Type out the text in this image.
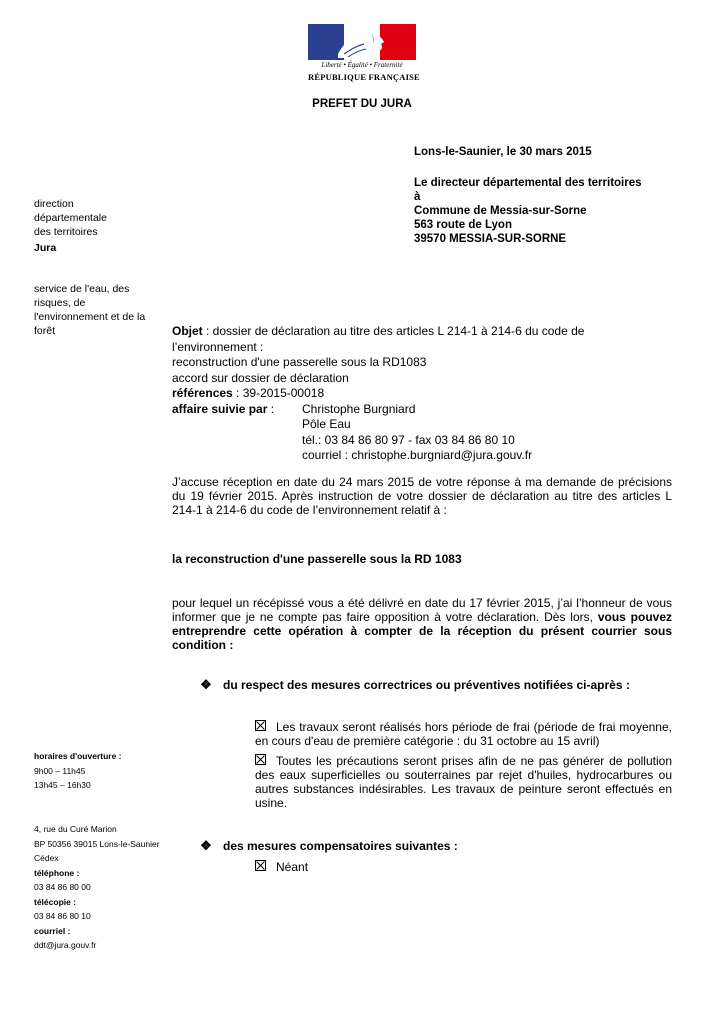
Liberté • Égalité • Fraternité
RÉPUBLIQUE FRANÇAISE
PREFET DU JURA
Lons-le-Saunier, le 30 mars 2015
Le directeur départemental des territoires
à
Commune de Messia-sur-Sorne
563 route de Lyon
39570 MESSIA-SUR-SORNE
direction
départementale
des territoires
Jura
service de l'eau, des
risques, de
l'environnement et de la
forêt
horaires d'ouverture :
9h00 – 11h45
13h45 – 16h30
4, rue du Curé Marion
BP 50356 39015 Lons-le-Saunier
Cédex
téléphone :
03 84 86 80 00
télécopie :
03 84 86 80 10
courriel :
ddt@jura.gouv.fr
Objet : dossier de déclaration au titre des articles L 214-1 à 214-6 du code de l’environnement :
reconstruction d'une passerelle sous la RD1083
accord sur dossier de déclaration
références : 39-2015-00018
affaire suivie par :	Christophe Burgniard
Pôle Eau
tél.: 03 84 86 80 97 - fax 03 84 86 80 10
courriel : christophe.burgniard@jura.gouv.fr
J’accuse réception en date du 24 mars 2015 de votre réponse à ma demande de précisions du 19 février 2015. Après instruction de votre dossier de déclaration au titre des articles L 214-1 à 214-6 du code de l’environnement relatif à :
la reconstruction d'une passerelle sous la RD 1083
pour lequel un récépissé vous a été délivré en date du 17 février 2015, j’ai l’honneur de vous informer que je ne compte pas faire opposition à votre déclaration. Dès lors, vous pouvez entreprendre cette opération à compter de la réception du présent courrier sous condition :
❖ du respect des mesures correctrices ou préventives notifiées ci-après :
Les travaux seront réalisés hors période de frai (période de frai moyenne, en cours d'eau de première catégorie : du 31 octobre au 15 avril)
Toutes les précautions seront prises afin de ne pas générer de pollution des eaux superficielles ou souterraines par rejet d'huiles, hydrocarbures ou autres substances indésirables. Les travaux de peinture seront effectués en usine.
❖ des mesures compensatoires suivantes :
Néant
